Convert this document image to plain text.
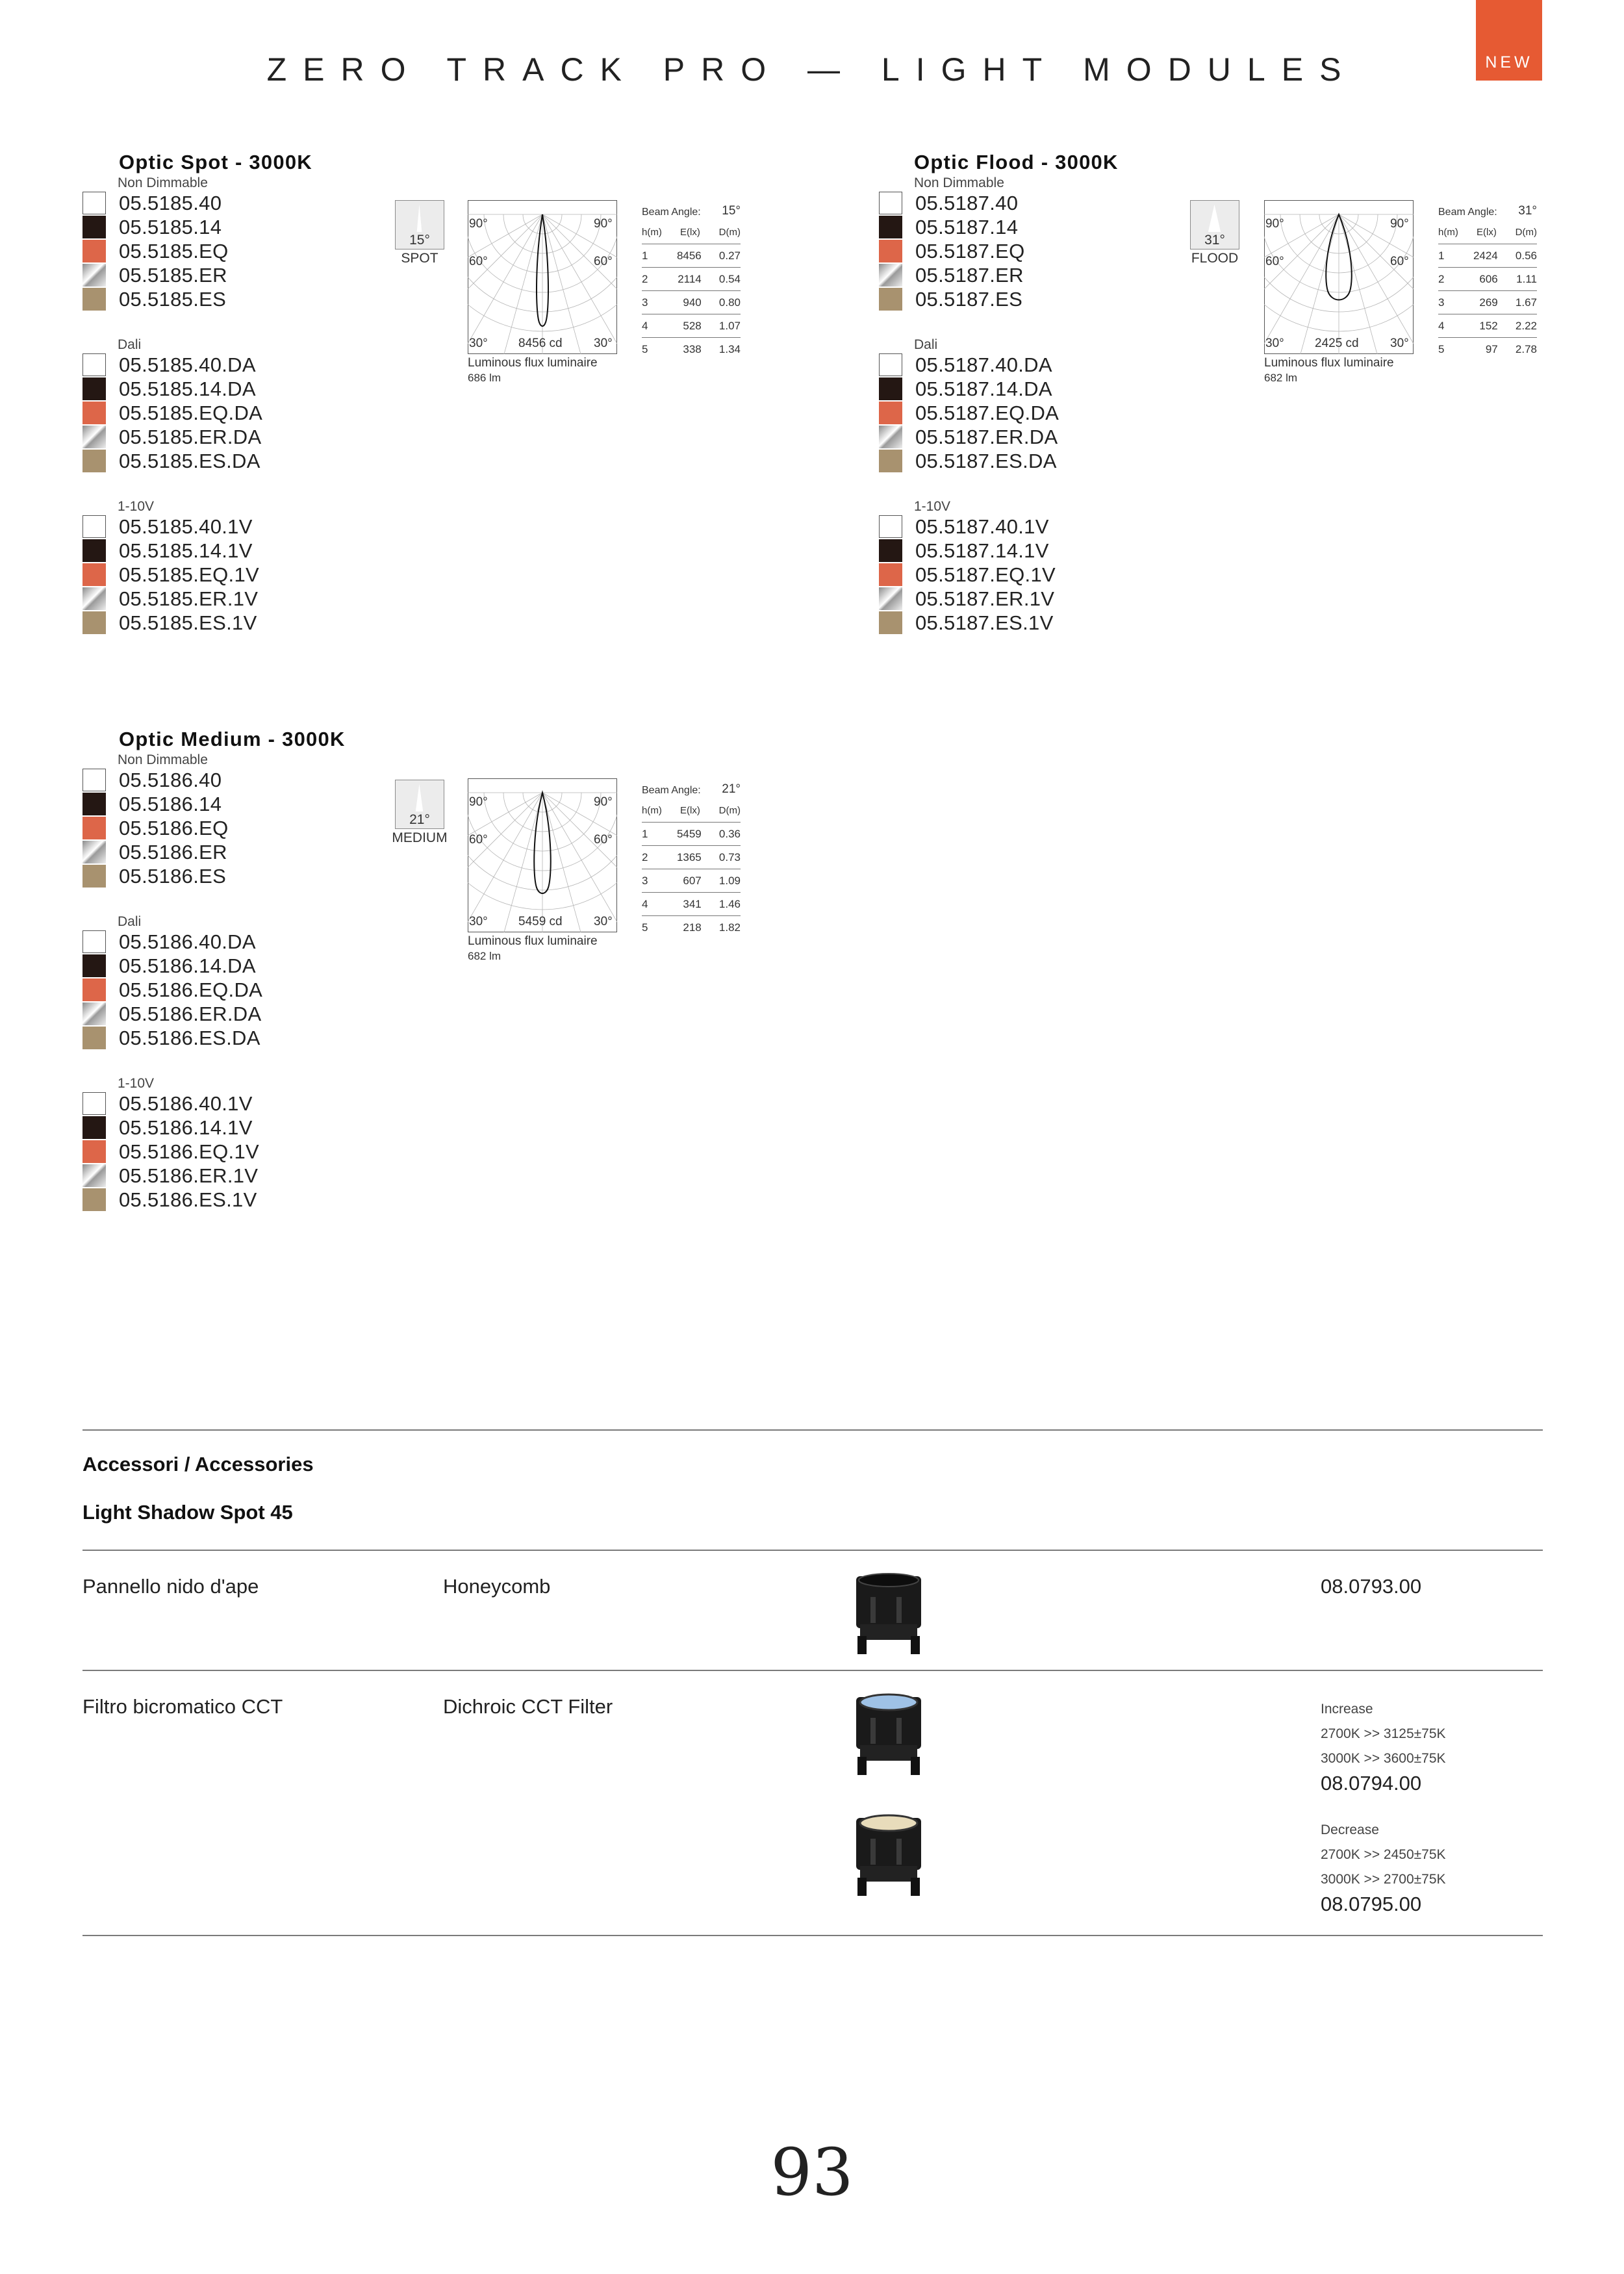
ZERO TRACK PRO — LIGHT MODULES	NEW
Optic Spot - 3000K
Non Dimmable
05.5185.40
05.5185.14
05.5185.EQ
05.5185.ER
05.5185.ES
Dali
05.5185.40.DA
05.5185.14.DA
05.5185.EQ.DA
05.5185.ER.DA
05.5185.ES.DA
1-10V
05.5185.40.1V
05.5185.14.1V
05.5185.EQ.1V
05.5185.ER.1V
05.5185.ES.1V
15°
SPOT
90°	90°
60°	60°
30°	30°
8456 cd
Luminous flux luminaire
686 lm
Beam Angle: 15°
h(m)	E(lx)	D(m)
1	8456	0.27
2	2114	0.54
3	940	0.80
4	528	1.07
5	338	1.34
Optic Flood - 3000K
Non Dimmable
05.5187.40
05.5187.14
05.5187.EQ
05.5187.ER
05.5187.ES
Dali
05.5187.40.DA
05.5187.14.DA
05.5187.EQ.DA
05.5187.ER.DA
05.5187.ES.DA
1-10V
05.5187.40.1V
05.5187.14.1V
05.5187.EQ.1V
05.5187.ER.1V
05.5187.ES.1V
31°
FLOOD
90°	90°
60°	60°
30°	30°
2425 cd
Luminous flux luminaire
682 lm
Beam Angle: 31°
h(m)	E(lx)	D(m)
1	2424	0.56
2	606	1.11
3	269	1.67
4	152	2.22
5	97	2.78
Optic Medium - 3000K
Non Dimmable
05.5186.40
05.5186.14
05.5186.EQ
05.5186.ER
05.5186.ES
Dali
05.5186.40.DA
05.5186.14.DA
05.5186.EQ.DA
05.5186.ER.DA
05.5186.ES.DA
1-10V
05.5186.40.1V
05.5186.14.1V
05.5186.EQ.1V
05.5186.ER.1V
05.5186.ES.1V
21°
MEDIUM
90°	90°
60°	60°
30°	30°
5459 cd
Luminous flux luminaire
682 lm
Beam Angle: 21°
h(m)	E(lx)	D(m)
1	5459	0.36
2	1365	0.73
3	607	1.09
4	341	1.46
5	218	1.82
Accessori / Accessories
Light Shadow Spot 45
Pannello nido d'ape	Honeycomb	08.0793.00
Filtro bicromatico CCT	Dichroic CCT Filter	Increase
2700K >> 3125±75K
3000K >> 3600±75K
08.0794.00
Decrease
2700K >> 2450±75K
3000K >> 2700±75K
08.0795.00
93
